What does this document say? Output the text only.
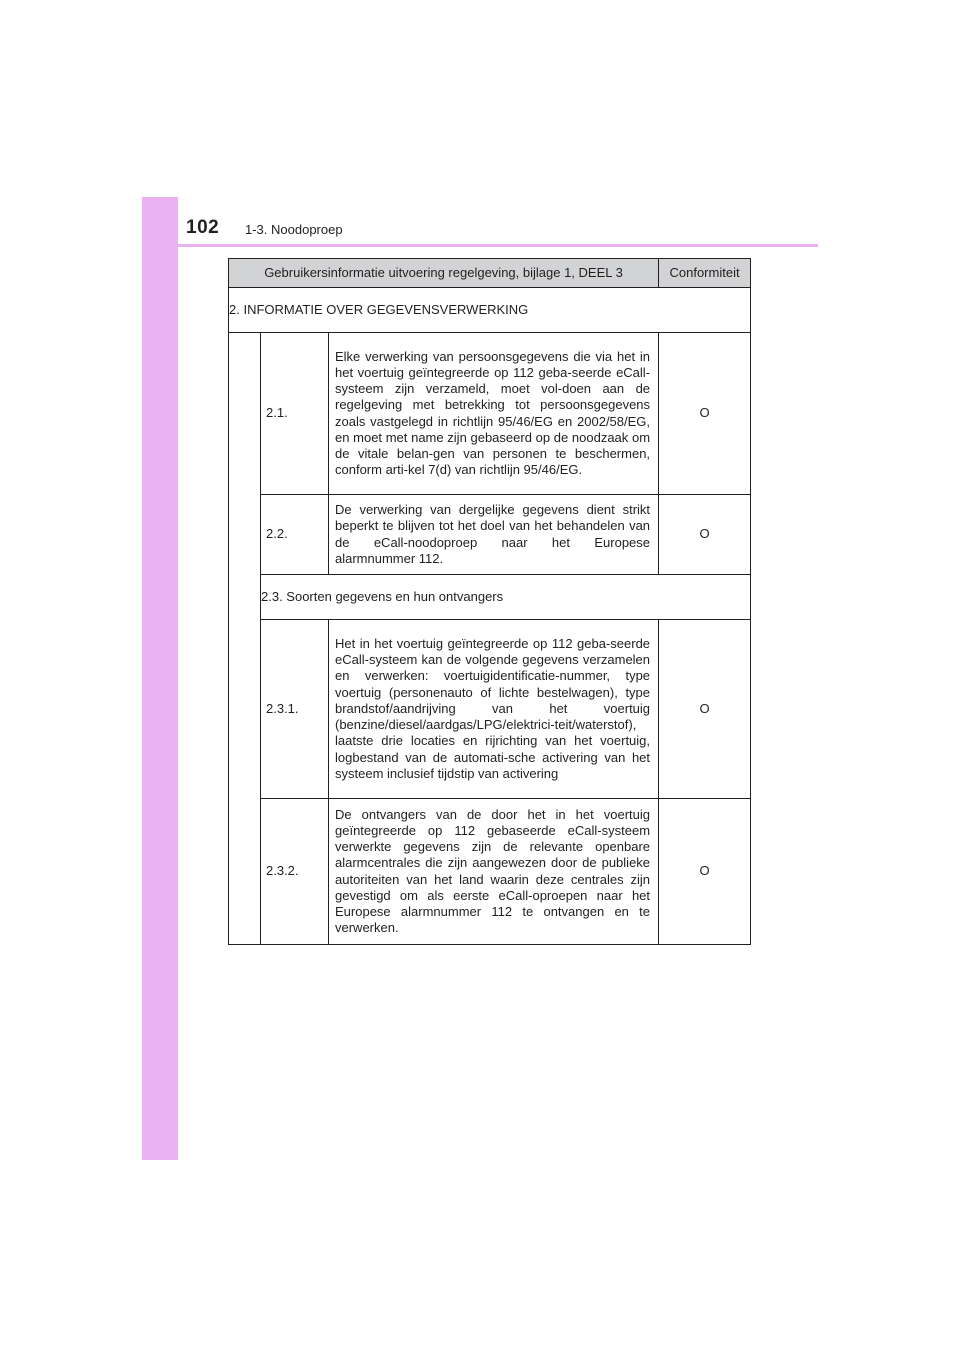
102 1-3. Noodoproep
Gebruikersinformatie uitvoering regelgeving, bijlage 1, DEEL 3			Conformiteit
2. INFORMATIE OVER GEGEVENSVERWERKING			
	2.1.	Elke verwerking van persoonsgegevens die via het in het voertuig geïntegreerde op 112 geba-seerde eCall-systeem zijn verzameld, moet vol-doen aan de regelgeving met betrekking tot persoonsgegevens zoals vastgelegd in richtlijn 95/46/EG en 2002/58/EG, en moet met name zijn gebaseerd op de noodzaak om de vitale belan-gen van personen te beschermen, conform arti-kel 7(d) van richtlijn 95/46/EG.	O
	2.2.	De verwerking van dergelijke gegevens dient strikt beperkt te blijven tot het doel van het behandelen van de eCall-noodoproep naar het Europese alarmnummer 112.	O
	2.3. Soorten gegevens en hun ontvangers		
	2.3.1.	Het in het voertuig geïntegreerde op 112 geba-seerde eCall-systeem kan de volgende gegevens verzamelen en verwerken: voertuigidentificatie-nummer, type voertuig (personenauto of lichte bestelwagen), type brandstof/aandrijving van het voertuig (benzine/diesel/aardgas/LPG/elektrici-teit/waterstof), laatste drie locaties en rijrichting van het voertuig, logbestand van de automati-sche activering van het systeem inclusief tijdstip van activering	O
	2.3.2.	De ontvangers van de door het in het voertuig geïntegreerde op 112 gebaseerde eCall-systeem verwerkte gegevens zijn de relevante openbare alarmcentrales die zijn aangewezen door de publieke autoriteiten van het land waarin deze centrales zijn gevestigd om als eerste eCall-oproepen naar het Europese alarmnummer 112 te ontvangen en te verwerken.	O
